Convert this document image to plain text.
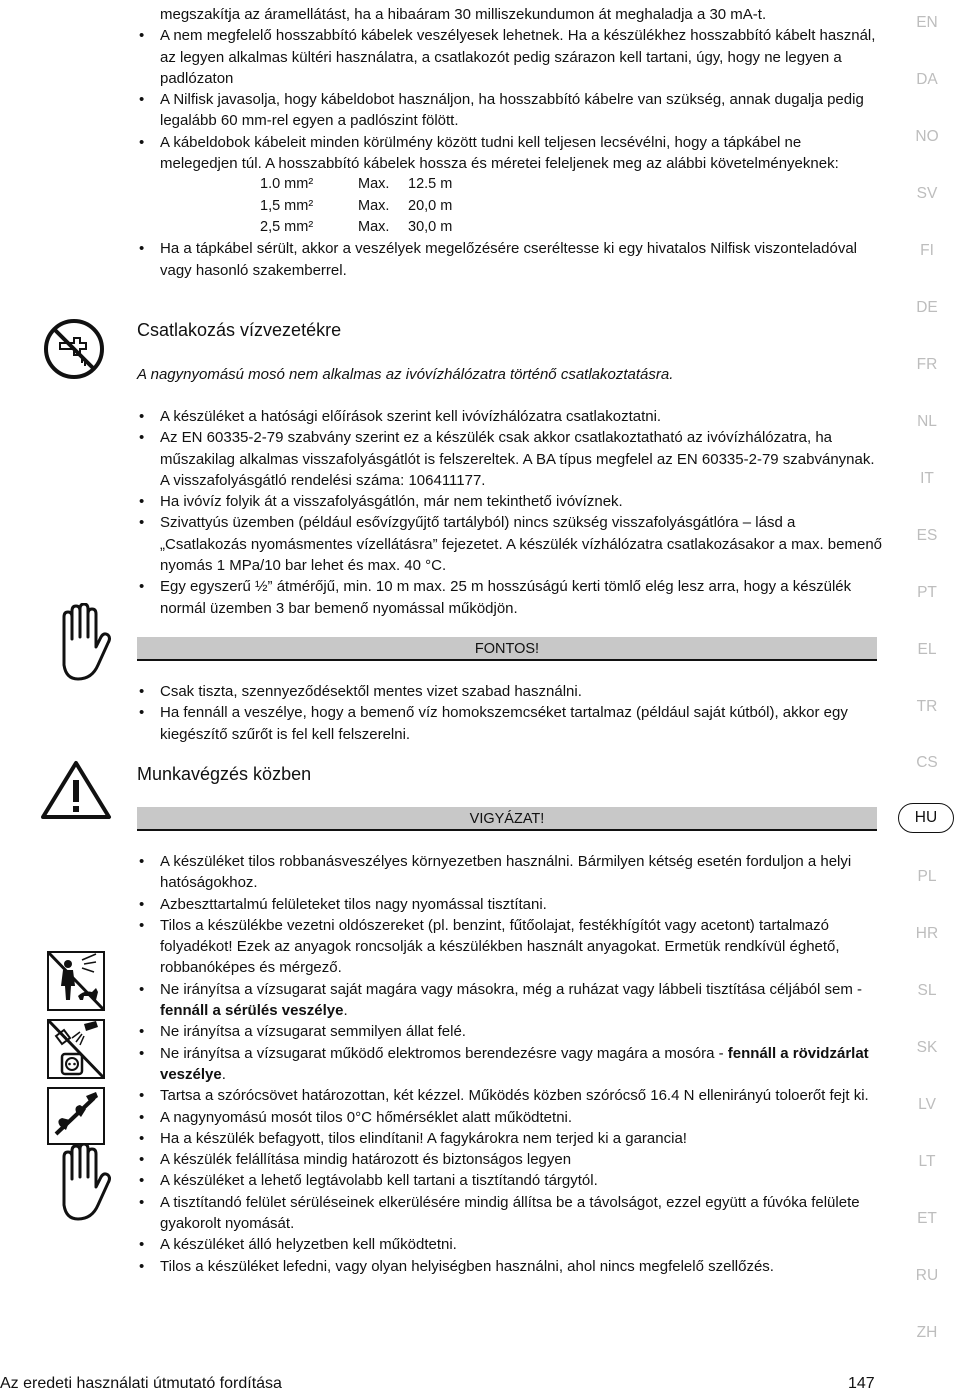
megszakítja az áramellátást, ha a hibaáram 30 milliszekundumon át meghaladja a 30 mA-t.
• A nem megfelelő hosszabbító kábelek veszélyesek lehetnek. Ha a készülékhez hosszabbító kábelt használ, az legyen alkalmas kültéri használatra, a csatlakozót pedig szárazon kell tartani, úgy, hogy ne legyen a padlózaton
• A Nilfisk javasolja, hogy kábeldobot használjon, ha hosszabbító kábelre van szükség, annak dugalja pedig legalább 60 mm-rel egyen a padlószint fölött.
• A kábeldobok kábeleit minden körülmény között tudni kell teljesen lecsévélni, hogy a tápkábel ne melegedjen túl. A hosszabbító kábelek hossza és méretei feleljenek meg az alábbi követelményeknek:
1.0 mm²	Max.	12.5 m
1,5 mm²	Max.	20,0 m
2,5 mm²	Max.	30,0 m
• Ha a tápkábel sérült, akkor a veszélyek megelőzésére cseréltesse ki egy hivatalos Nilfisk viszonteladóval vagy hasonló szakemberrel.
Csatlakozás vízvezetékre

A nagynyomású mosó nem alkalmas az ivóvízhálózatra történő csatlakoztatásra.

• A készüléket a hatósági előírások szerint kell ivóvízhálózatra csatlakoztatni.
• Az EN 60335-2-79 szabvány szerint ez a készülék csak akkor csatlakoztatható az ivóvízhálózatra, ha műszakilag alkalmas visszafolyásgátlót is felszereltek. A BA típus megfelel az EN 60335-2-79 szabványnak. A visszafolyásgátló rendelési száma: 106411177.
• Ha ivóvíz folyik át a visszafolyásgátlón, már nem tekinthető ivóvíznek.
• Szivattyús üzemben (például esővízgyűjtő tartályból) nincs szükség visszafolyásgátlóra – lásd a „Csatlakozás nyomásmentes vízellátásra” fejezetet. A készülék vízhálózatra csatlakozásakor a max. bemenő nyomás 1 MPa/10 bar lehet és max. 40 °C.
• Egy egyszerű ½” átmérőjű, min. 10 m max. 25 m hosszúságú kerti tömlő elég lesz arra, hogy a készülék normál üzemben 3 bar bemenő nyomással működjön.
FONTOS!
• Csak tiszta, szennyeződésektől mentes vizet szabad használni.
• Ha fennáll a veszélye, hogy a bemenő víz homokszemcséket tartalmaz (például saját kútból), akkor egy kiegészítő szűrőt is fel kell felszerelni.
Munkavégzés közben
VIGYÁZAT!
• A készüléket tilos robbanásveszélyes környezetben használni. Bármilyen kétség esetén forduljon a helyi hatóságokhoz.
• Azbeszttartalmú felületeket tilos nagy nyomással tisztítani.
• Tilos a készülékbe vezetni oldószereket (pl. benzint, fűtőolajat, festékhígítót vagy acetont) tartalmazó folyadékot! Ezek az anyagok roncsolják a készülékben használt anyagokat. Ermetük rendkívül éghető, robbanóképes és mérgező.
• Ne irányítsa a vízsugarat saját magára vagy másokra, még a ruházat vagy lábbeli tisztítása céljából sem - fennáll a sérülés veszélye.
• Ne irányítsa a vízsugarat semmilyen állat felé.
• Ne irányítsa a vízsugarat működő elektromos berendezésre vagy magára a mosóra - fennáll a rövidzárlat veszélye.
• Tartsa a szórócsövet határozottan, két kézzel. Működés közben szórócső 16.4 N ellenirányú toloerőt fejt ki.
• A nagynyomású mosót tilos 0°C hőmérséklet alatt működtetni.
• Ha a készülék befagyott, tilos elindítani! A fagykárokra nem terjed ki a garancia!
• A készülék felállítása mindig határozott és biztonságos legyen
• A készüléket a lehető legtávolabb kell tartani a tisztítandó tárgytól.
• A tisztítandó felület sérüléseinek elkerülésére mindig állítsa be a távolságot, ezzel együtt a fúvóka felülete gyakorolt nyomását.
• A készüléket álló helyzetben kell működtetni.
• Tilos a készüléket lefedni, vagy olyan helyiségben használni, ahol nincs megfelelő szellőzés.
EN
DA
NO
SV
FI
DE
FR
NL
IT
ES
PT
EL
TR
CS
HU
PL
HR
SL
SK
LV
LT
ET
RU
ZH
Az eredeti használati útmutató fordítása	147
